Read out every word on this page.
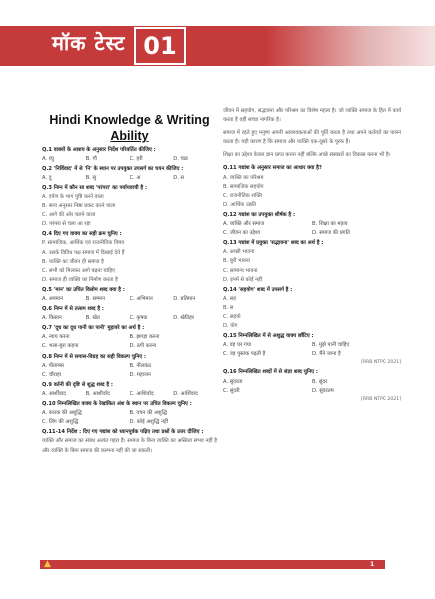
मॉक टेस्ट 01
Hindi Knowledge & Writing
Ability
Q.1 वाक्यों के आशय के अनुसार निर्देश परिवर्तित कीजिए :
A. रघु	B. गौ	C. हरी	D. चक्र
Q.2 'निर्विवाद' में से 'नि' के स्थान पर उपयुक्त उपसर्ग का चयन कीजिए :
A. दु	B. सु	C. अ	D. स
Q.3 निम्न में कौन सा शब्द 'परंपरा' का पर्यायवाची है :
A. दर्पण के भाग पुष्टि करने वाला
B. सत्य अनुसार निष्ठा प्रकट करने वाला
C. आगे की ओर चलने वाला
D. परंपरा से चला आ रहा
Q.4 दिए गए वाक्य का सही क्रम चुनिए :
P. सामाजिक, आर्थिक एवं राजनीतिक विषय
A. उसके विविध पक्ष समाज में दिखाई देते हैं
B. व्यक्ति का जीवन ही समाज है
C. सभी को मिलकर आगे बढ़ना चाहिए
D. समाज ही व्यक्ति का निर्माण करता है
Q.5 'मान' का उचित विलोम शब्द क्या है :
A. अपमान	B. सम्मान	C. अभिमान	D. प्रतिमान
Q.6 निम्न में से तत्सम शब्द है :
A. किसान	B. खेत	C. कृषक	D. खेतिहर
Q.7 'दूध का दूध पानी का पानी' मुहावरे का अर्थ है :
A. न्याय करना	B. झगड़ा करना
C. भला-बुरा कहना	D. ठगी करना
Q.8 निम्न में से समास-विग्रह का सही विकल्प चुनिए :
A. पीताम्बर	B. नीलकंठ
C. चौराहा	D. महाजन
Q.9 वर्तनी की दृष्टि से शुद्ध शब्द है :
A. आर्शीवाद	B. आशीर्वाद	C. आशिर्वाद	D. आर्शिवाद
Q.10 निम्नलिखित वाक्य के रेखांकित अंश के स्थान पर उचित विकल्प चुनिए :
A. कारक की अशुद्धि	B. वचन की अशुद्धि
C. लिंग की अशुद्धि	D. कोई अशुद्धि नहीं
Q.11-14 निर्देश : दिए गए गद्यांश को ध्यानपूर्वक पढ़िए तथा प्रश्नों के उत्तर दीजिए :
व्यक्ति और समाज का संबंध अत्यंत गहरा है। समाज के बिना व्यक्ति का अस्तित्व संभव नहीं है और व्यक्ति के बिना समाज की कल्पना नहीं की जा सकती।
जीवन में सहयोग, सद्भावना और परिश्रम का विशेष महत्व है। जो व्यक्ति समाज के हित में कार्य करता है वही सच्चा नागरिक है।
समाज में रहते हुए मनुष्य अपनी आवश्यकताओं की पूर्ति करता है तथा अपने कर्तव्यों का पालन करता है। यही कारण है कि समाज और व्यक्ति एक-दूसरे के पूरक हैं।
शिक्षा का उद्देश्य केवल ज्ञान प्राप्त करना नहीं बल्कि अच्छे संस्कारों का विकास करना भी है।
Q.11 गद्यांश के अनुसार समाज का आधार क्या है?
A. व्यक्ति का परिश्रम
B. सामाजिक सहयोग
C. राजनीतिक शक्ति
D. आर्थिक उन्नति
Q.12 गद्यांश का उपयुक्त शीर्षक है :
A. व्यक्ति और समाज	B. शिक्षा का महत्व
C. जीवन का उद्देश्य	D. समाज की प्रगति
Q.13 गद्यांश में प्रयुक्त 'सद्भावना' शब्द का अर्थ है :
A. अच्छी भावना
B. बुरी भावना
C. सामान्य भावना
D. इनमें से कोई नहीं
Q.14 'सहयोग' शब्द में उपसर्ग है :
A. सह
B. स
C. सहयो
D. योग
Q.15 निम्नलिखित में से अशुद्ध वाक्य छाँटिए :
A. वह घर गया	B. मुझे पानी चाहिए
C. वह पुस्तक पढ़ती है	D. मैंने जाना है
[RRB NTPC 2021]
Q.16 निम्नलिखित शब्दों में से संज्ञा शब्द चुनिए :
A. सुंदरता	B. सुंदर
C. सुंदरी	D. सुंदरतम
[RRB NTPC 2021]
▲	1
